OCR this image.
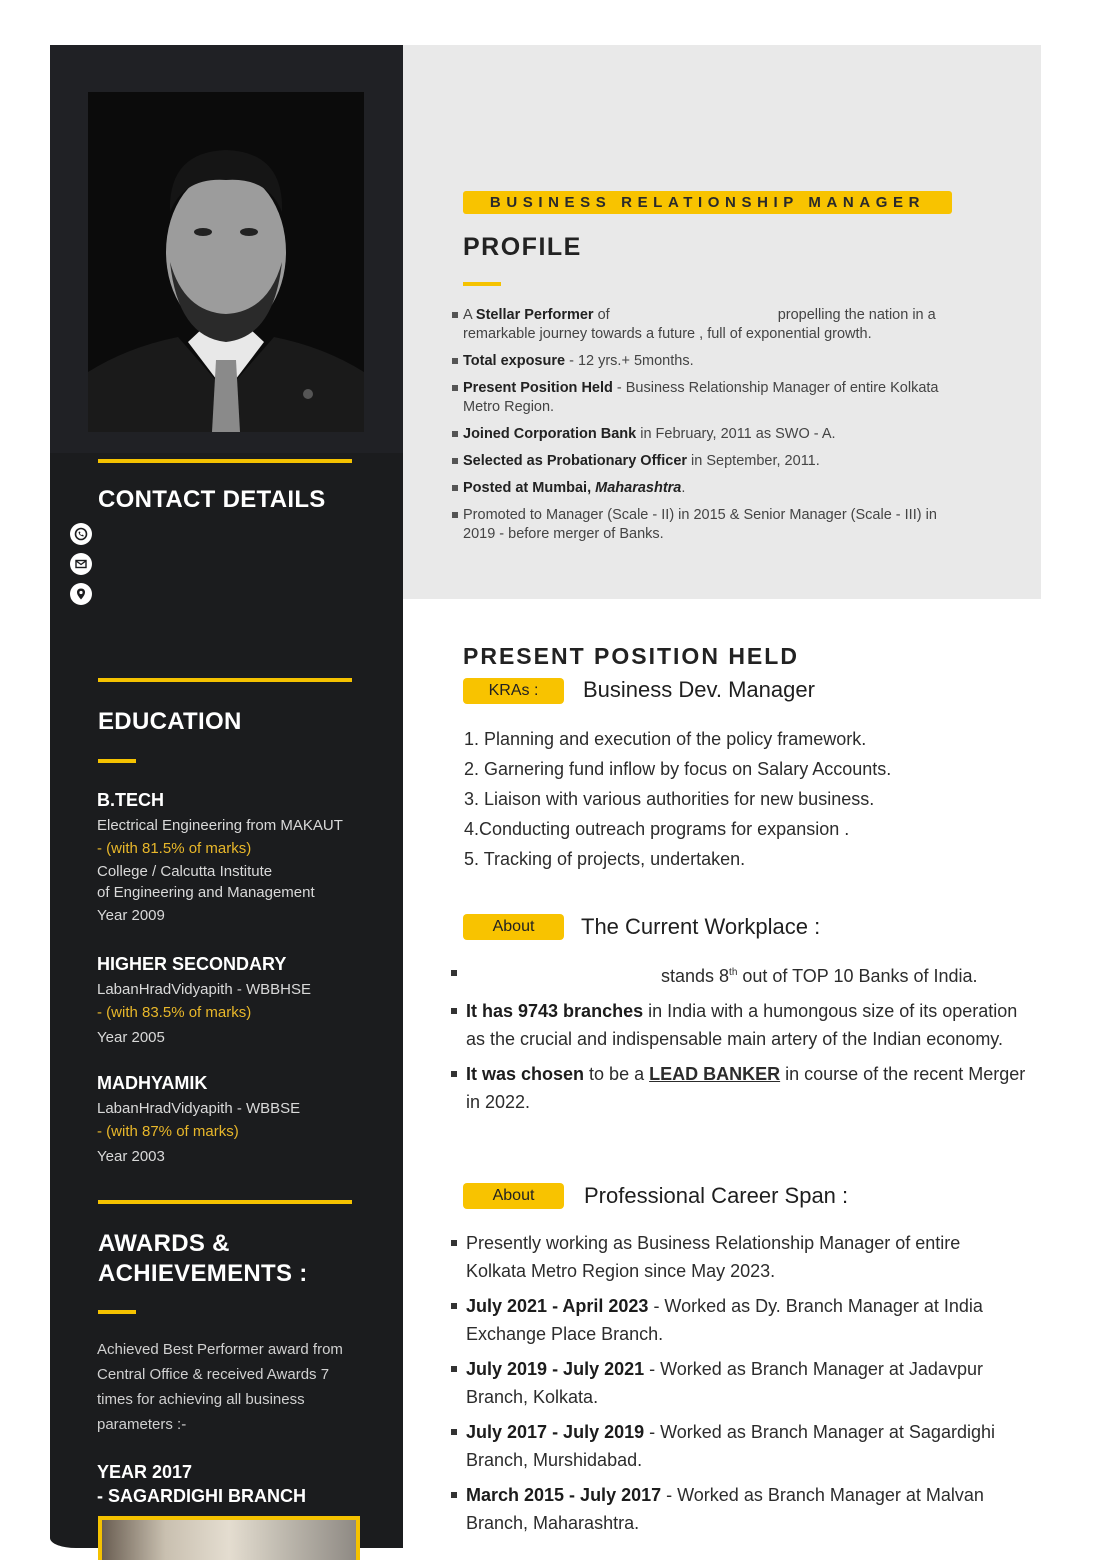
CONTACT DETAILS
EDUCATION
B.TECH
Electrical Engineering from MAKAUT
- (with 81.5% of marks)
College / Calcutta Institute
of Engineering and Management
Year 2009
HIGHER SECONDARY
LabanHradVidyapith - WBBHSE
- (with 83.5% of marks)
Year 2005
MADHYAMIK
LabanHradVidyapith - WBBSE
- (with 87% of marks)
Year 2003
AWARDS &
ACHIEVEMENTS :
Achieved Best Performer award from Central Office & received Awards 7 times for achieving all business parameters :-
YEAR 2017
- SAGARDIGHI BRANCH
BUSINESS RELATIONSHIP MANAGER
PROFILE
A Stellar Performer of	propelling the nation in a remarkable journey towards a future , full of exponential growth.
Total exposure - 12 yrs.+ 5months.
Present Position Held - Business Relationship Manager of entire Kolkata Metro Region.
Joined Corporation Bank in February, 2011 as SWO - A.
Selected as Probationary Officer in September, 2011.
Posted at Mumbai, Maharashtra.
Promoted to Manager (Scale - II) in 2015 & Senior Manager (Scale - III) in 2019 - before merger of Banks.
PRESENT POSITION HELD
KRAs :	Business Dev. Manager
1. Planning and execution of the policy framework.
2. Garnering fund inflow by focus on Salary Accounts.
3. Liaison with various authorities for new business.
4.Conducting outreach programs for expansion .
5. Tracking of projects, undertaken.
About	The Current Workplace :
stands 8th out of TOP 10 Banks of India.
It has 9743 branches in India with a humongous size of its operation as the crucial and indispensable main artery of the Indian economy.
It was chosen to be a LEAD BANKER in course of the recent Merger in 2022.
About	Professional Career Span :
Presently working as Business Relationship Manager of entire Kolkata Metro Region since May 2023.
July 2021 - April 2023 - Worked as Dy. Branch Manager at India Exchange Place Branch.
July 2019 - July 2021 - Worked as Branch Manager at Jadavpur Branch, Kolkata.
July 2017 - July 2019 - Worked as Branch Manager at Sagardighi Branch, Murshidabad.
March 2015 - July 2017 - Worked as Branch Manager at Malvan Branch, Maharashtra.
